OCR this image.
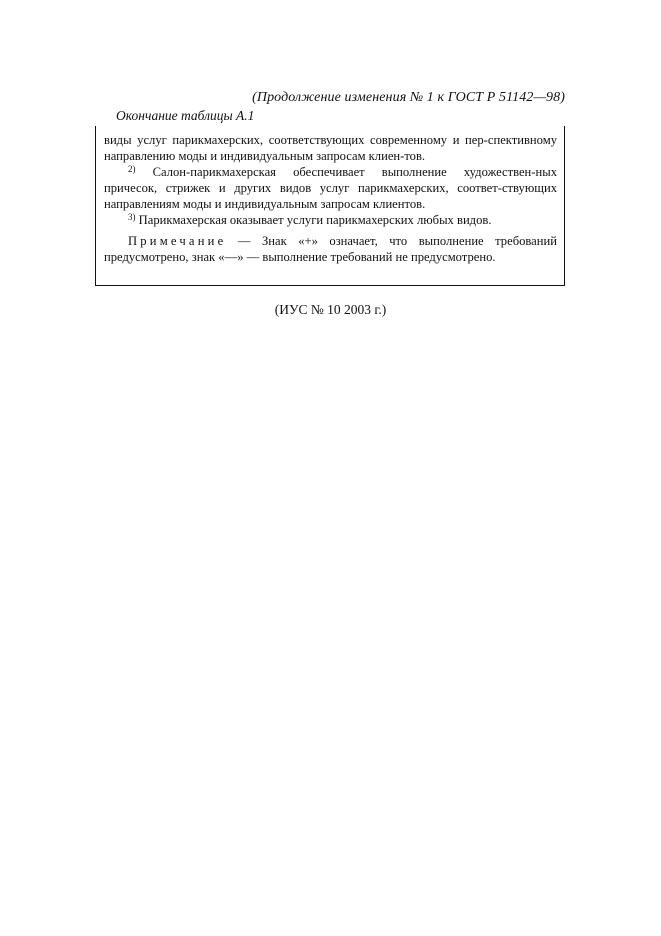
(Продолжение изменения № 1 к ГОСТ Р 51142—98)
Окончание таблицы А.1

виды услуг парикмахерских, соответствующих современному и пер-спективному направлению моды и индивидуальным запросам клиен-тов.

$^{2)}$ Салон-парикмахерская обеспечивает выполнение художествен-ных причесок, стрижек и других видов услуг парикмахерских, соответ-ствующих направлениям моды и индивидуальным запросам клиентов.

$^{3)}$ Парикмахерская оказывает услуги парикмахерских любых видов.

Примечание — Знак «+» означает, что выполнение требований предусмотрено, знак «—» — выполнение требований не предусмотрено.

(ИУС № 10 2003 г.)
